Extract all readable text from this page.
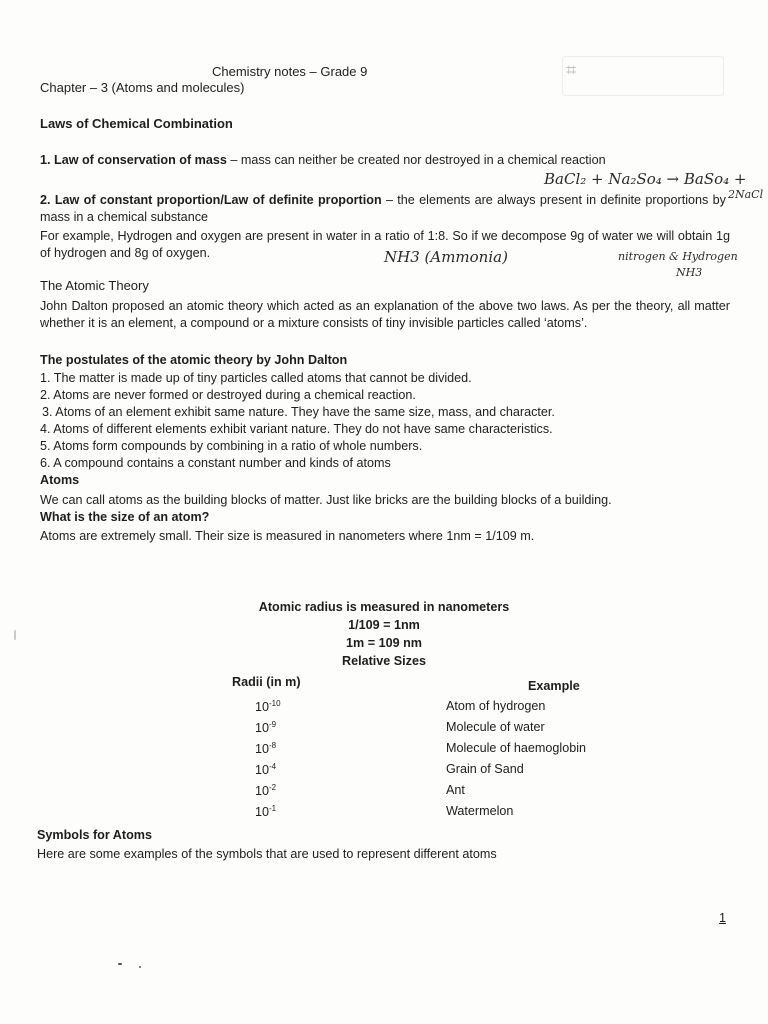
⌗
Chemistry notes – Grade 9
Chapter – 3 (Atoms and molecules)
Laws of Chemical Combination
1. Law of conservation of mass – mass can neither be created nor destroyed in a chemical reaction
BaCl₂ + Na₂So₄ → BaSo₄ +
2NaCl
2. Law of constant proportion/Law of definite proportion – the elements are always present in definite proportions by mass in a chemical substance
For example, Hydrogen and oxygen are present in water in a ratio of 1:8. So if we decompose 9g of water we will obtain 1g of hydrogen and 8g of oxygen.	NH3 (Ammonia)	nitrogen & Hydrogen
NH3
The Atomic Theory
John Dalton proposed an atomic theory which acted as an explanation of the above two laws. As per the theory, all matter whether it is an element, a compound or a mixture consists of tiny invisible particles called ‘atoms’.
The postulates of the atomic theory by John Dalton
1. The matter is made up of tiny particles called atoms that cannot be divided.
2. Atoms are never formed or destroyed during a chemical reaction.
3. Atoms of an element exhibit same nature. They have the same size, mass, and character.
4. Atoms of different elements exhibit variant nature. They do not have same characteristics.
5. Atoms form compounds by combining in a ratio of whole numbers.
6. A compound contains a constant number and kinds of atoms
Atoms
We can call atoms as the building blocks of matter. Just like bricks are the building blocks of a building.
What is the size of an atom?
Atoms are extremely small. Their size is measured in nanometers where 1nm = 1/109 m.
Atomic radius is measured in nanometers
1/109 = 1nm
1m = 109 nm
Relative Sizes
Radii (in m)	Example
$10^{-10}$	Atom of hydrogen
$10^{-9}$	Molecule of water
$10^{-8}$	Molecule of haemoglobin
$10^{-4}$	Grain of Sand
$10^{-2}$	Ant
$10^{-1}$	Watermelon
Symbols for Atoms
Here are some examples of the symbols that are used to represent different atoms
1
